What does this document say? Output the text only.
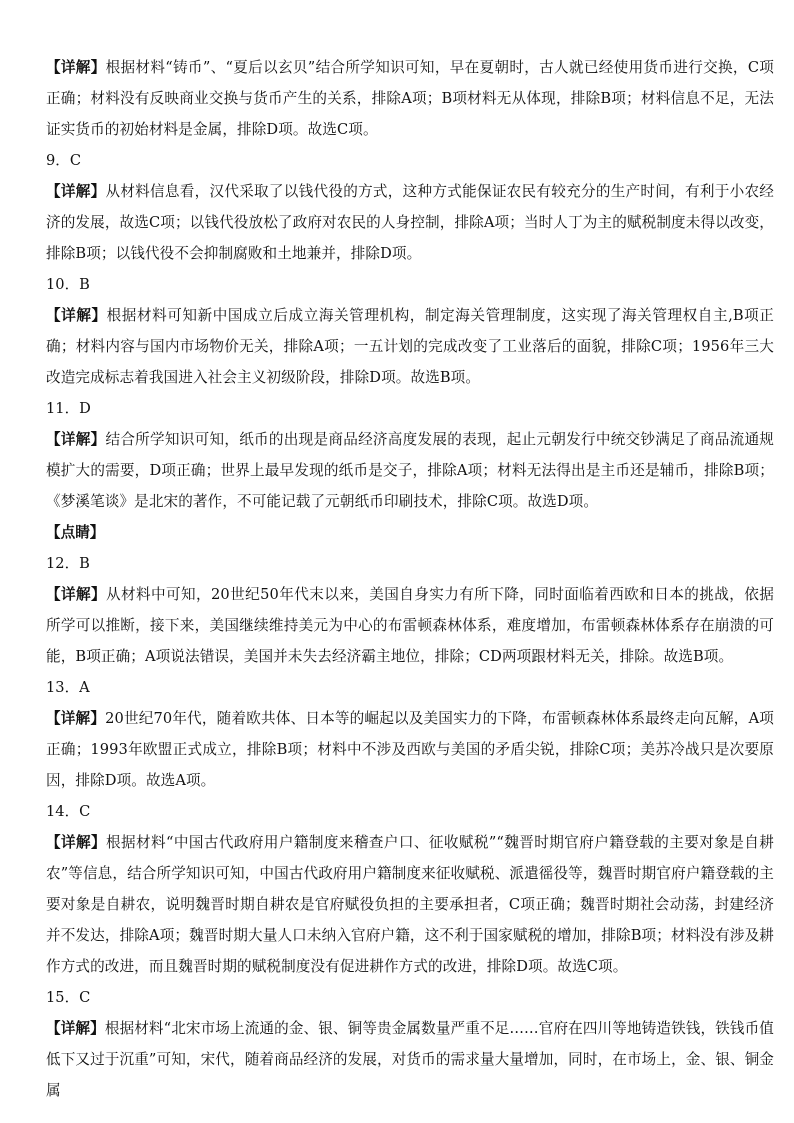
【详解】根据材料“铸币”、“夏后以玄贝”结合所学知识可知，早在夏朝时，古人就已经使用货币进行交换，C项正确；材料没有反映商业交换与货币产生的关系，排除A项；B项材料无从体现，排除B项；材料信息不足，无法证实货币的初始材料是金属，排除D项。故选C项。

9．C

【详解】从材料信息看，汉代采取了以钱代役的方式，这种方式能保证农民有较充分的生产时间，有利于小农经济的发展，故选C项；以钱代役放松了政府对农民的人身控制，排除A项；当时人丁为主的赋税制度未得以改变，排除B项；以钱代役不会抑制腐败和土地兼并，排除D项。

10．B

【详解】根据材料可知新中国成立后成立海关管理机构，制定海关管理制度，这实现了海关管理权自主,B项正确；材料内容与国内市场物价无关，排除A项；一五计划的完成改变了工业落后的面貌，排除C项；1956年三大改造完成标志着我国进入社会主义初级阶段，排除D项。故选B项。

11．D

【详解】结合所学知识可知，纸币的出现是商品经济高度发展的表现，起止元朝发行中统交钞满足了商品流通规模扩大的需要，D项正确；世界上最早发现的纸币是交子，排除A项；材料无法得出是主币还是辅币，排除B项；《梦溪笔谈》是北宋的著作，不可能记载了元朝纸币印刷技术，排除C项。故选D项。

【点睛】

12．B

【详解】从材料中可知，20世纪50年代末以来，美国自身实力有所下降，同时面临着西欧和日本的挑战，依据所学可以推断，接下来，美国继续维持美元为中心的布雷顿森林体系，难度增加，布雷顿森林体系存在崩溃的可能，B项正确；A项说法错误，美国并未失去经济霸主地位，排除；CD两项跟材料无关，排除。故选B项。

13．A

【详解】20世纪70年代，随着欧共体、日本等的崛起以及美国实力的下降，布雷顿森林体系最终走向瓦解，A项正确；1993年欧盟正式成立，排除B项；材料中不涉及西欧与美国的矛盾尖锐，排除C项；美苏冷战只是次要原因，排除D项。故选A项。

14．C

【详解】根据材料“中国古代政府用户籍制度来稽查户口、征收赋税”“魏晋时期官府户籍登载的主要对象是自耕农”等信息，结合所学知识可知，中国古代政府用户籍制度来征收赋税、派遣徭役等，魏晋时期官府户籍登载的主要对象是自耕农，说明魏晋时期自耕农是官府赋役负担的主要承担者，C项正确；魏晋时期社会动荡，封建经济并不发达，排除A项；魏晋时期大量人口未纳入官府户籍，这不利于国家赋税的增加，排除B项；材料没有涉及耕作方式的改进，而且魏晋时期的赋税制度没有促进耕作方式的改进，排除D项。故选C项。

15．C

【详解】根据材料“北宋市场上流通的金、银、铜等贵金属数量严重不足……官府在四川等地铸造铁钱，铁钱币值低下又过于沉重”可知，宋代，随着商品经济的发展，对货币的需求量大量增加，同时，在市场上，金、银、铜金属
